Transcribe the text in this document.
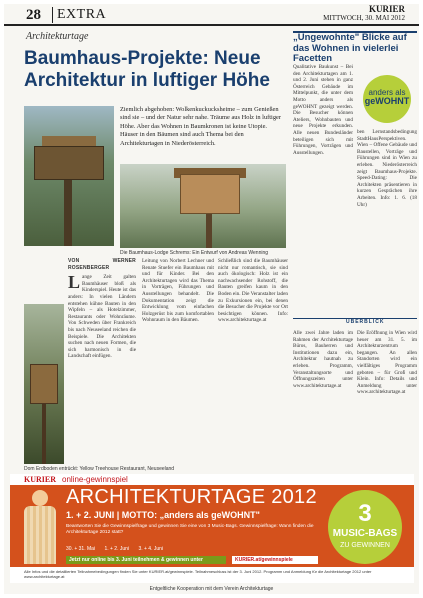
28	EXTRA	KURIER
MITTWOCH, 30. MAI 2012
Architekturtage
Baumhaus-Projekte: Neue Architektur in luftiger Höhe
Ziemlich abgehoben: Wolkenkuckucksheime – zum Genießen sind sie – und der Natur sehr nahe. Träume aus Holz in luftiger Höhe. Aber das Wohnen in Baumkronen ist keine Utopie. Häuser in den Bäumen sind auch Thema bei den Architekturtagen in Niederösterreich.
Die Baumhaus-Lodge Schrems: Ein Entwurf von Andreas Wenning
VON WERNER ROSENBERGER
L ange Zeit galten Baumhäuser bloß als Kinderspiel. Heute ist das anders: In vielen Ländern entstehen kühne Bauten in den Wipfeln – als Hotelzimmer, Restaurants oder Wohnräume. Von Schweden über Frankreich bis nach Neuseeland reichen die Beispiele. Die Architekten suchen nach neuen Formen, die sich harmonisch in die Landschaft einfügen.

Leitung von Norbert Lechner und Renate Stuefer ein Baumhaus mit und für Kinder. Bei den Architekturtagen wird das Thema in Vorträgen, Führungen und Ausstellungen behandelt. Die Dokumentation zeigt die Entwicklung vom einfachen Holzgerüst bis zum komfortablen Wohnraum in den Bäumen.

Schließlich sind die Baumhäuser nicht nur romantisch, sie sind auch ökologisch: Holz ist ein nachwachsender Rohstoff, die Bauten greifen kaum in den Boden ein. Die Veranstalter laden zu Exkursionen ein, bei denen die Besucher die Projekte vor Ort besichtigen können. Info: www.architekturtage.at

Dom Erdboden entrückt: Yellow Treehouse Restaurant, Neuseeland
„Ungewohnte" Blicke auf das Wohnen in vielerlei Facetten
anders als
geWOHNT

Qualitative Baukunst – Bei den Architekturtagen am 1. und 2. Juni stehen in ganz Österreich Gebäude im Mittelpunkt, die unter dem Motto anders als geWOHNT gezeigt werden. Die Besucher können Ateliers, Wohnbauten und neue Projekte erkunden. Alle neuen Bundesländer beteiligen sich mit Führungen, Vorträgen und Ausstellungen.

ben Lernstandsbedingung StadtHausPerspektiven. Wien – Offene Gebäude und Baustellen, Vorträge und Führungen sind in Wien zu erleben. Niederösterreich zeigt Baumhaus-Projekte. Speed-Dating: Die Architekten präsentieren in kurzen Gesprächen ihre Arbeiten. Info: 1. 6. (18 Uhr)

ÜBERBLICK

Alle zwei Jahre laden im Rahmen der Architekturtage Büros, Bauherren und Institutionen dazu ein, Architektur hautnah zu erleben. Programm, Veranstaltungsorte und Öffnungszeiten unter www.architekturtage.at

Die Eröffnung in Wien wird heuer am 31. 5. im Architekturzentrum begangen. An allen Standorten wird ein vielfältiges Programm geboten – für Groß und Klein. Info: Details und Anmeldung unter www.architekturtage.at

KURIER online-gewinnspiel
ARCHITEKTURTAGE 2012
1. + 2. JUNI | MOTTO: „anders als geWOHNT"
Beantworten Sie die Gewinnspielfrage und gewinnen Sie eine von 3 Music-Bags. Gewinnspielfrage: Wann finden die Architekturtage 2012 statt?
30. + 31. Mai 1. + 2. Juni 3. + 4. Juni
Jetzt nur online bis 3. Juni teilnehmen & gewinnen unter	KURIER.at/gewinnspiele
3
MUSIC-BAGS
ZU GEWINNEN
Alle Infos und die detaillierten Teilnahmebedingungen finden Sie unter KURIER.at/gewinnspiele. Teilnahmeschluss ist der 3. Juni 2012. Programm und Anmeldung für die Architekturtage 2012 unter www.architekturtage.at
Entgeltliche Kooperation mit dem Verein Architekturtage
